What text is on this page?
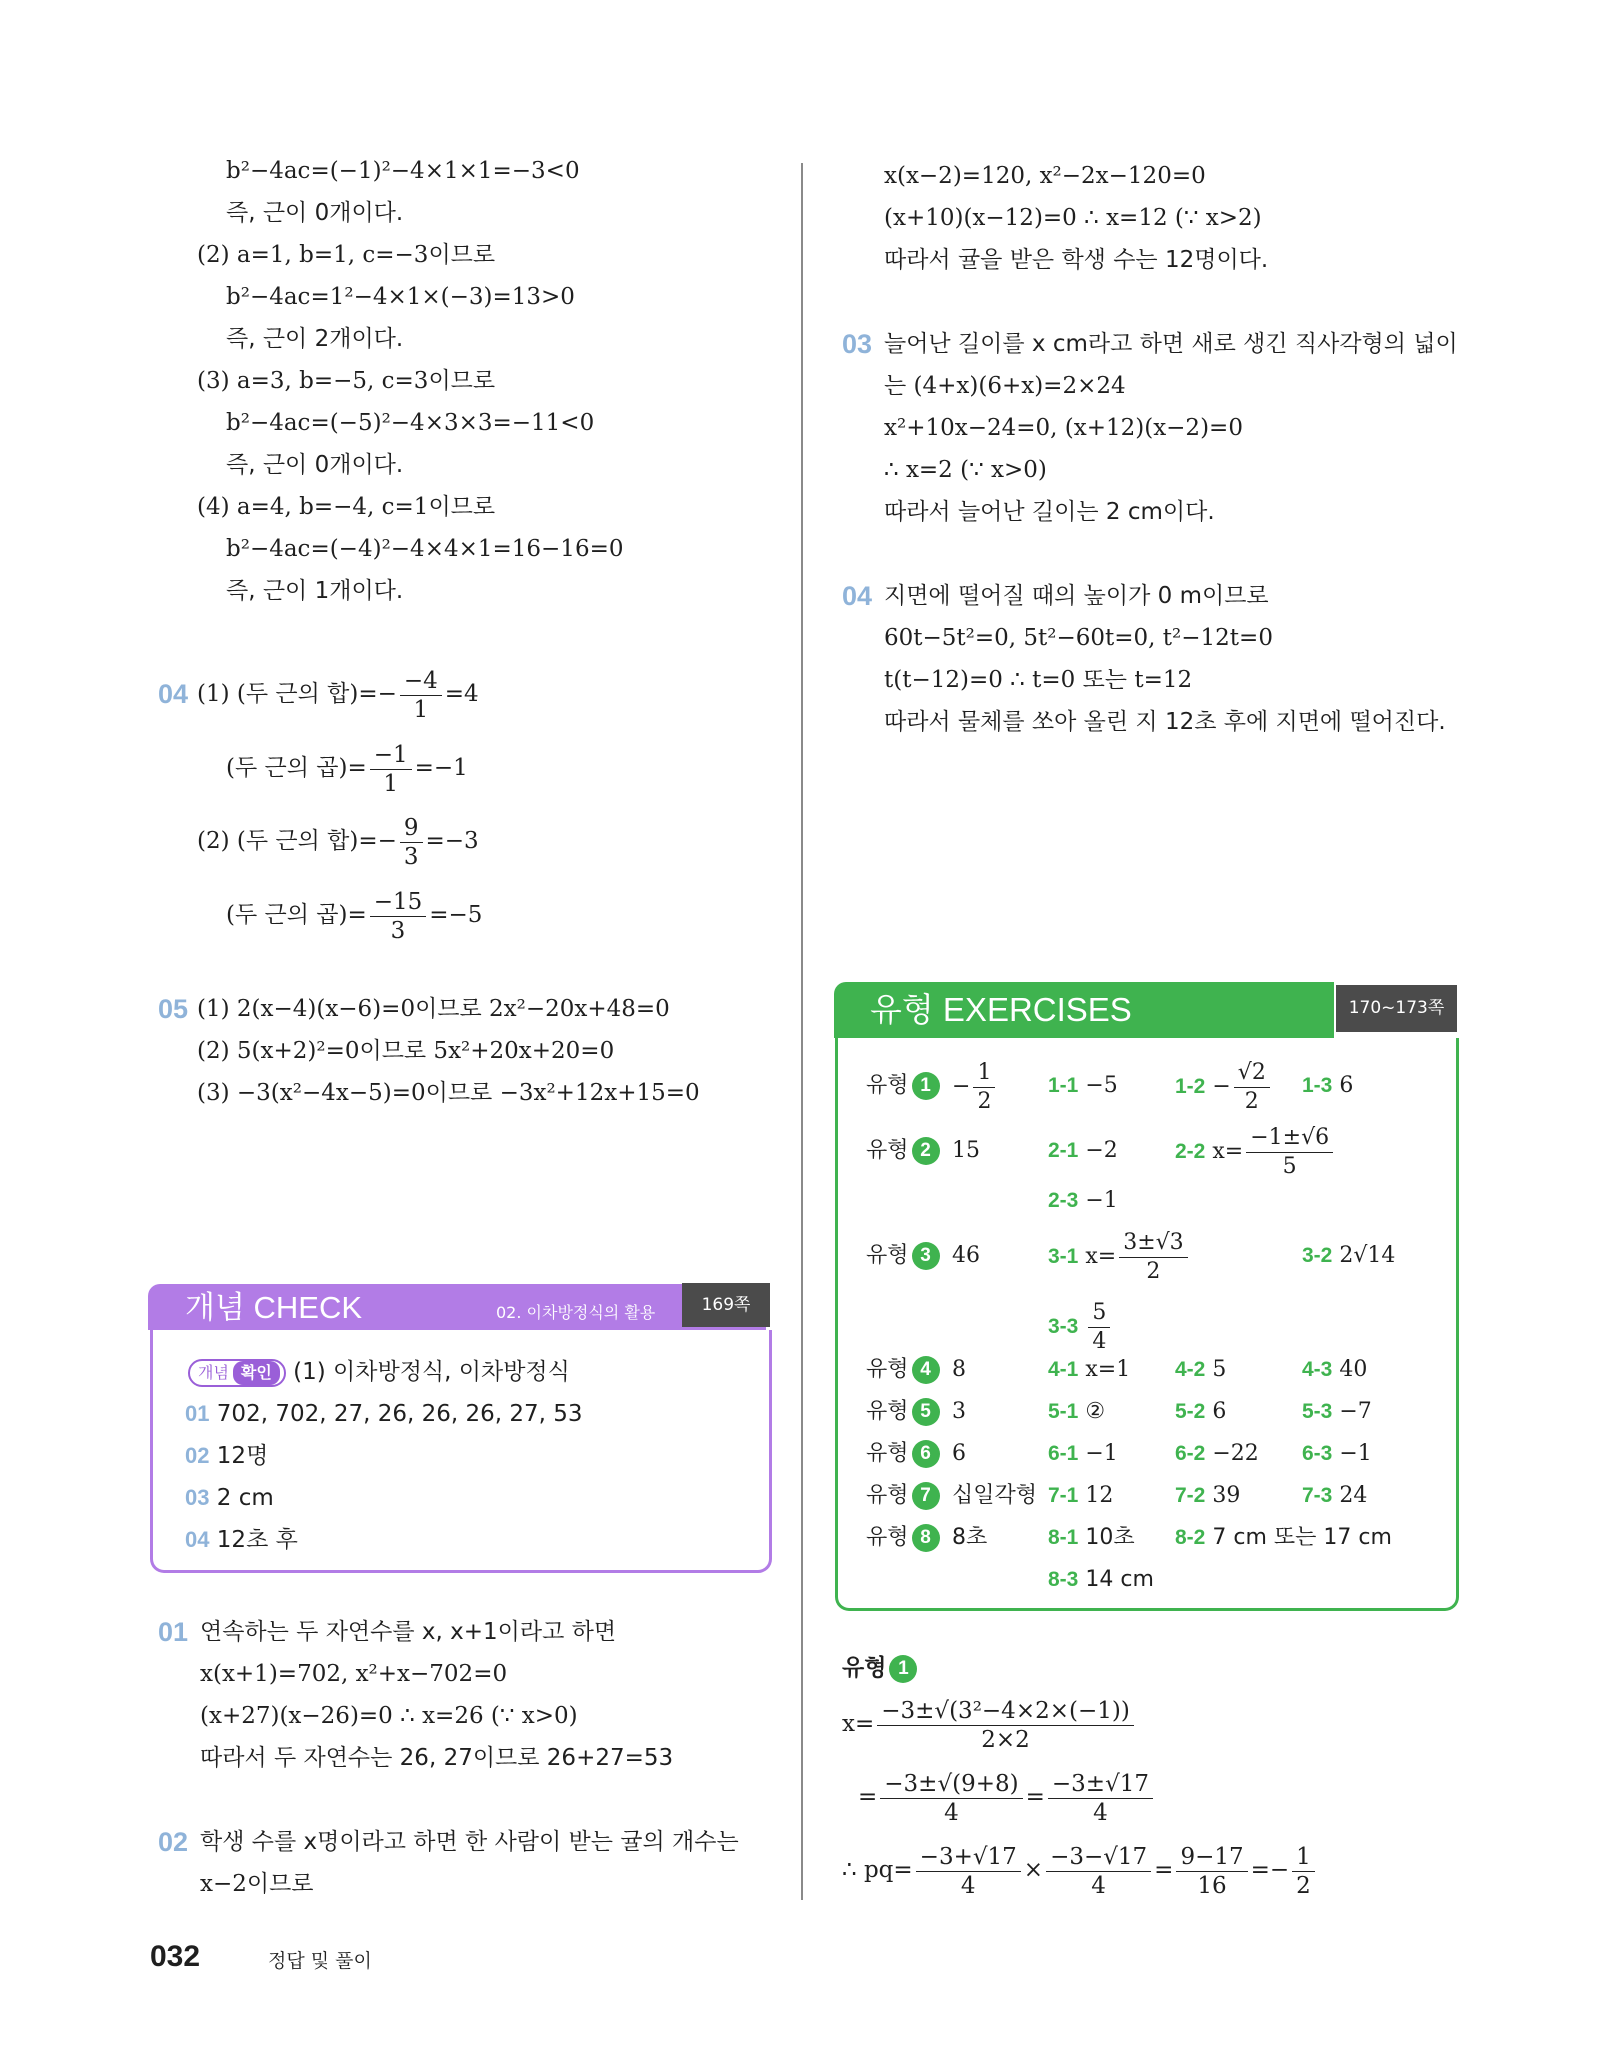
b²−4ac=(−1)²−4×1×1=−3<0
즉, 근이 0개이다.
(2) a=1, b=1, c=−3이므로
b²−4ac=1²−4×1×(−3)=13>0
즉, 근이 2개이다.
(3) a=3, b=−5, c=3이므로
b²−4ac=(−5)²−4×3×3=−11<0
즉, 근이 0개이다.
(4) a=4, b=−4, c=1이므로
b²−4ac=(−4)²−4×4×1=16−16=0
즉, 근이 1개이다.
04 (1) (두 근의 합)=− $\frac{-4}{1} =4$
(두 근의 곱)= $\frac{-1}{1} =-1$
(2) (두 근의 합)=− $\frac{9}{3} =-3$
(두 근의 곱)= $\frac{-15}{3} =-5$
05 (1) 2(x−4)(x−6)=0이므로 2x²−20x+48=0
(2) 5(x+2)²=0이므로 5x²+20x+20=0
(3) −3(x²−4x−5)=0이므로 −3x²+12x+15=0
개념 CHECK	02. 이차방정식의 활용	169쪽
개념 확인 (1) 이차방정식, 이차방정식
01 702, 702, 27, 26, 26, 26, 27, 53
02 12명
03 2 cm
04 12초 후
01 연속하는 두 자연수를 x, x+1이라고 하면
x(x+1)=702, x²+x−702=0
(x+27)(x−26)=0 ∴ x=26 (∵ x>0)
따라서 두 자연수는 26, 27이므로 26+27=53
02 학생 수를 x명이라고 하면 한 사람이 받는 귤의 개수는
x−2이므로
x(x−2)=120, x²−2x−120=0
(x+10)(x−12)=0 ∴ x=12 (∵ x>2)
따라서 귤을 받은 학생 수는 12명이다.
03 늘어난 길이를 x cm라고 하면 새로 생긴 직사각형의 넓이
는 (4+x)(6+x)=2×24
x²+10x−24=0, (x+12)(x−2)=0
∴ x=2 (∵ x>0)
따라서 늘어난 길이는 2 cm이다.
04 지면에 떨어질 때의 높이가 0 m이므로
60t−5t²=0, 5t²−60t=0, t²−12t=0
t(t−12)=0 ∴ t=0 또는 t=12
따라서 물체를 쏘아 올린 지 12초 후에 지면에 떨어진다.
유형 EXERCISES	170~173쪽
유형 $1 - \frac{1}{2}$	1-1 −5	$1-2 - \frac{√2}{2} 1-3$ 6
유형 2 15	2-1 −2	2-2 $x= \frac{-1\pm√6}{5}$
2-3 −1
유형 3 46	3-1 $x= \frac{3\pm√3}{2}$	3-2 2√14
$3-3 \frac{5}{4}$
유형 4 8	4-1 x=1 4-2 5	4-3 40
유형 5 3	5-1 ②	5-2 6	5-3 −7
유형 6 6	6-1 −1	6-2 −22 6-3 −1
유형 7 십일각형 7-1 12	7-2 39	7-3 24
유형 8 8초	8-1 10초 8-2 7 cm 또는 17 cm
8-3 14 cm
유형 1
$x= \frac{\text{−3±√(3²−4×2×(−1))}}{2\times 2}$
= $\frac{-3\pm√(9+8)}{4} = \frac{-3\pm√17}{4}$
∴ $pq= \frac{-3+√17}{4} \times \frac{-3-√17}{4} = \frac{9-17}{16} =- \frac{1}{2}$
032	정답 및 풀이
